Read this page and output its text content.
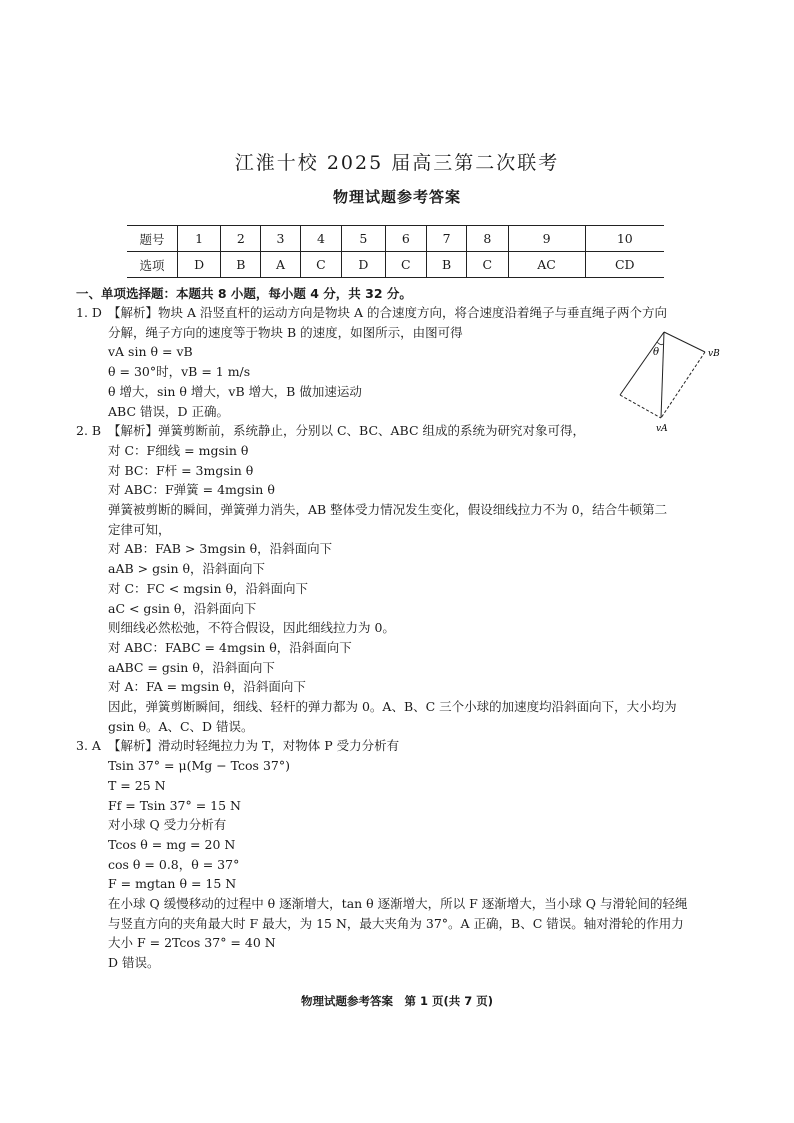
江淮十校 2025 届高三第二次联考
物理试题参考答案
题号	1	2	3	4	5	6	7	8	9	10
选项	D	B	A	C	D	C	B	C	AC	CD
一、单项选择题：本题共 8 小题，每小题 4 分，共 32 分。
1. D 【解析】物块 A 沿竖直杆的运动方向是物块 A 的合速度方向，将合速度沿着绳子与垂直绳子两个方向
分解，绳子方向的速度等于物块 B 的速度，如图所示，由图可得
vA sin θ = vB
θ = 30°时，vB = 1 m/s
θ 增大，sin θ 增大，vB 增大，B 做加速运动
ABC 错误，D 正确。
2. B 【解析】弹簧剪断前，系统静止，分别以 C、BC、ABC 组成的系统为研究对象可得，
对 C：F细线 = mgsin θ
对 BC：F杆 = 3mgsin θ
对 ABC：F弹簧 = 4mgsin θ
弹簧被剪断的瞬间，弹簧弹力消失，AB 整体受力情况发生变化，假设细线拉力不为 0，结合牛顿第二
定律可知，
对 AB：FAB > 3mgsin θ，沿斜面向下
aAB > gsin θ，沿斜面向下
对 C：FC < mgsin θ，沿斜面向下
aC < gsin θ，沿斜面向下
则细线必然松弛，不符合假设，因此细线拉力为 0。
对 ABC：FABC = 4mgsin θ，沿斜面向下
aABC = gsin θ，沿斜面向下
对 A：FA = mgsin θ，沿斜面向下
因此，弹簧剪断瞬间，细线、轻杆的弹力都为 0。A、B、C 三个小球的加速度均沿斜面向下，大小均为
gsin θ。A、C、D 错误。
3. A 【解析】滑动时轻绳拉力为 T，对物体 P 受力分析有
Tsin 37° = μ(Mg − Tcos 37°)
T = 25 N
Ff = Tsin 37° = 15 N
对小球 Q 受力分析有
Tcos θ = mg = 20 N
cos θ = 0.8，θ = 37°
F = mgtan θ = 15 N
在小球 Q 缓慢移动的过程中 θ 逐渐增大，tan θ 逐渐增大，所以 F 逐渐增大，当小球 Q 与滑轮间的轻绳
与竖直方向的夹角最大时 F 最大，为 15 N，最大夹角为 37°。A 正确，B、C 错误。轴对滑轮的作用力
大小 F = 2Tcos 37° = 40 N
D 错误。
θ	vB
vA
物理试题参考答案　第 1 页(共 7 页)
